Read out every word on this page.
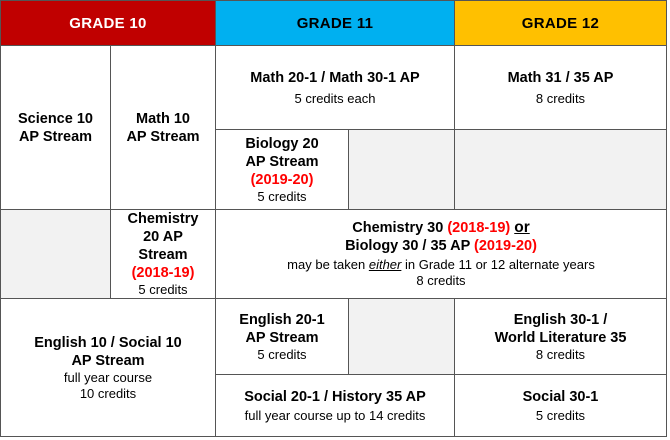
GRADE 10	GRADE 11	GRADE 12
Science 10
AP Stream
Math 10
AP Stream
Math 20-1 / Math 30-1 AP
5 credits each
Math 31 / 35 AP
8 credits
Biology 20
AP Stream
(2019-20)
5 credits
Chemistry
20 AP
Stream
(2018-19)
5 credits
Chemistry 30 (2018-19) or
Biology 30 / 35 AP (2019-20)
may be taken either in Grade 11 or 12 alternate years
8 credits
English 10 / Social 10
AP Stream
full year course
10 credits
English 20-1
AP Stream
5 credits
English 30-1 /
World Literature 35
8 credits
Social 20-1 / History 35 AP
full year course up to 14 credits
Social 30-1
5 credits
